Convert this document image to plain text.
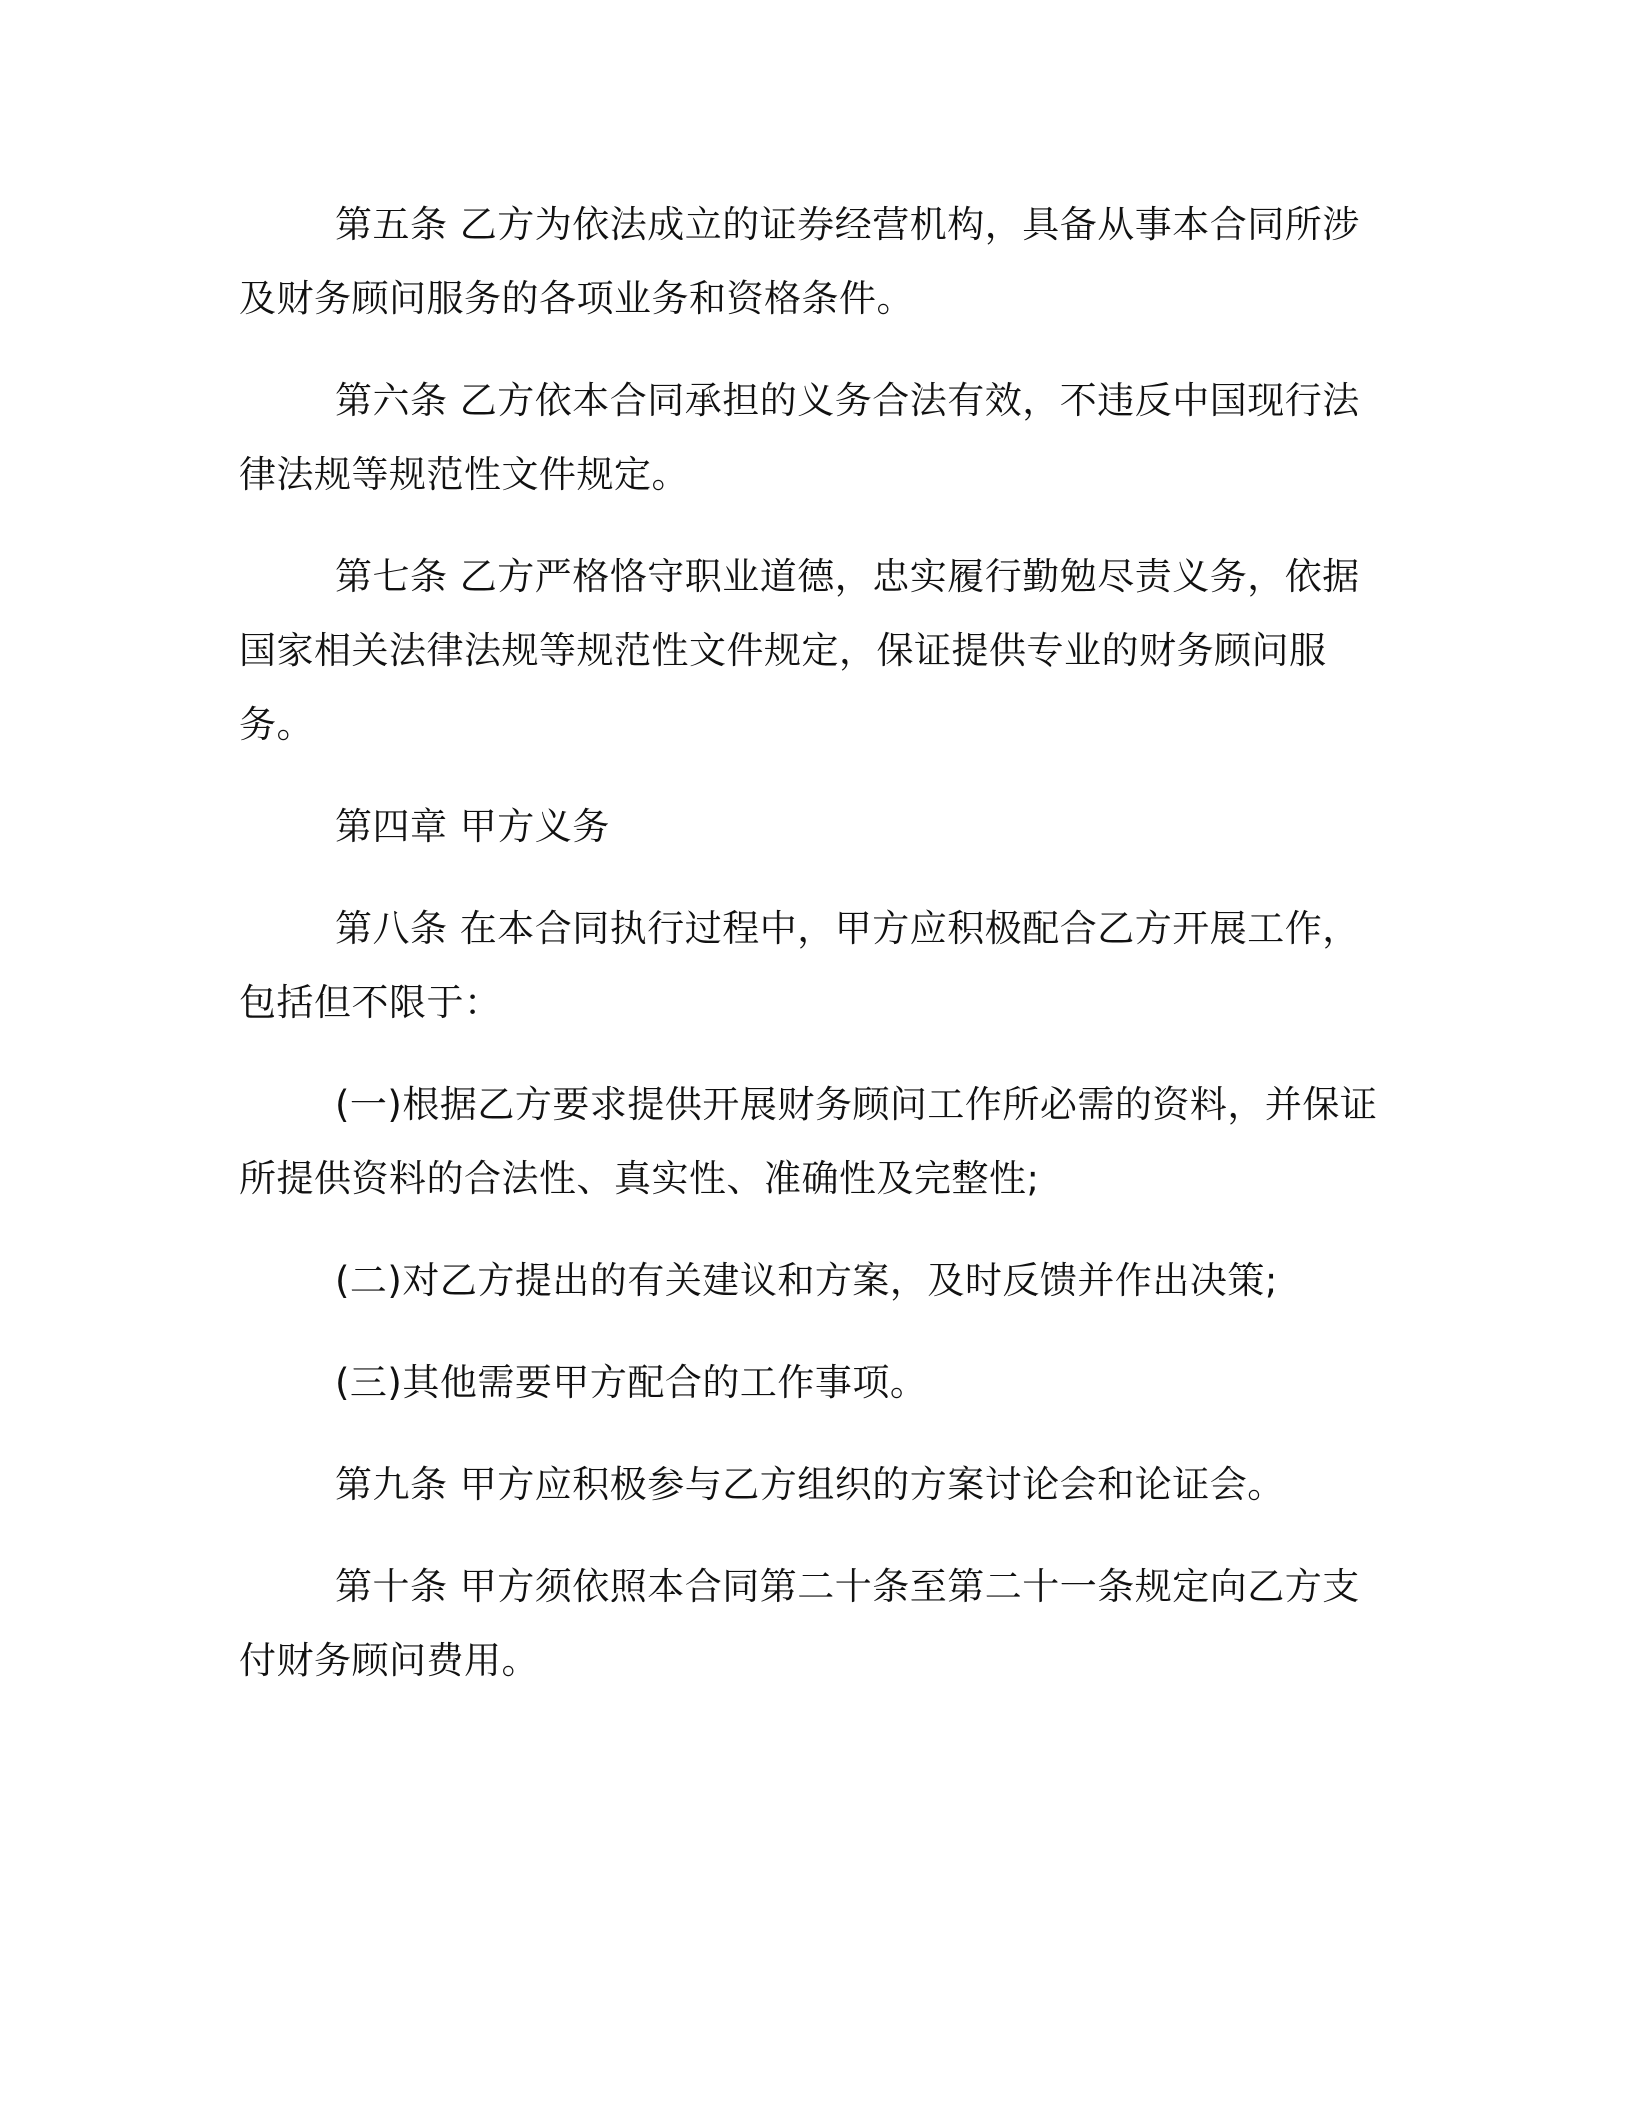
第五条 乙方为依法成立的证券经营机构，具备从事本合同所涉及财务顾问服务的各项业务和资格条件。

第六条 乙方依本合同承担的义务合法有效，不违反中国现行法律法规等规范性文件规定。

第七条 乙方严格恪守职业道德，忠实履行勤勉尽责义务，依据国家相关法律法规等规范性文件规定，保证提供专业的财务顾问服务。

第四章 甲方义务

第八条 在本合同执行过程中，甲方应积极配合乙方开展工作，包括但不限于：

(一)根据乙方要求提供开展财务顾问工作所必需的资料，并保证所提供资料的合法性、真实性、准确性及完整性;

(二)对乙方提出的有关建议和方案，及时反馈并作出决策;

(三)其他需要甲方配合的工作事项。

第九条 甲方应积极参与乙方组织的方案讨论会和论证会。

第十条 甲方须依照本合同第二十条至第二十一条规定向乙方支付财务顾问费用。
